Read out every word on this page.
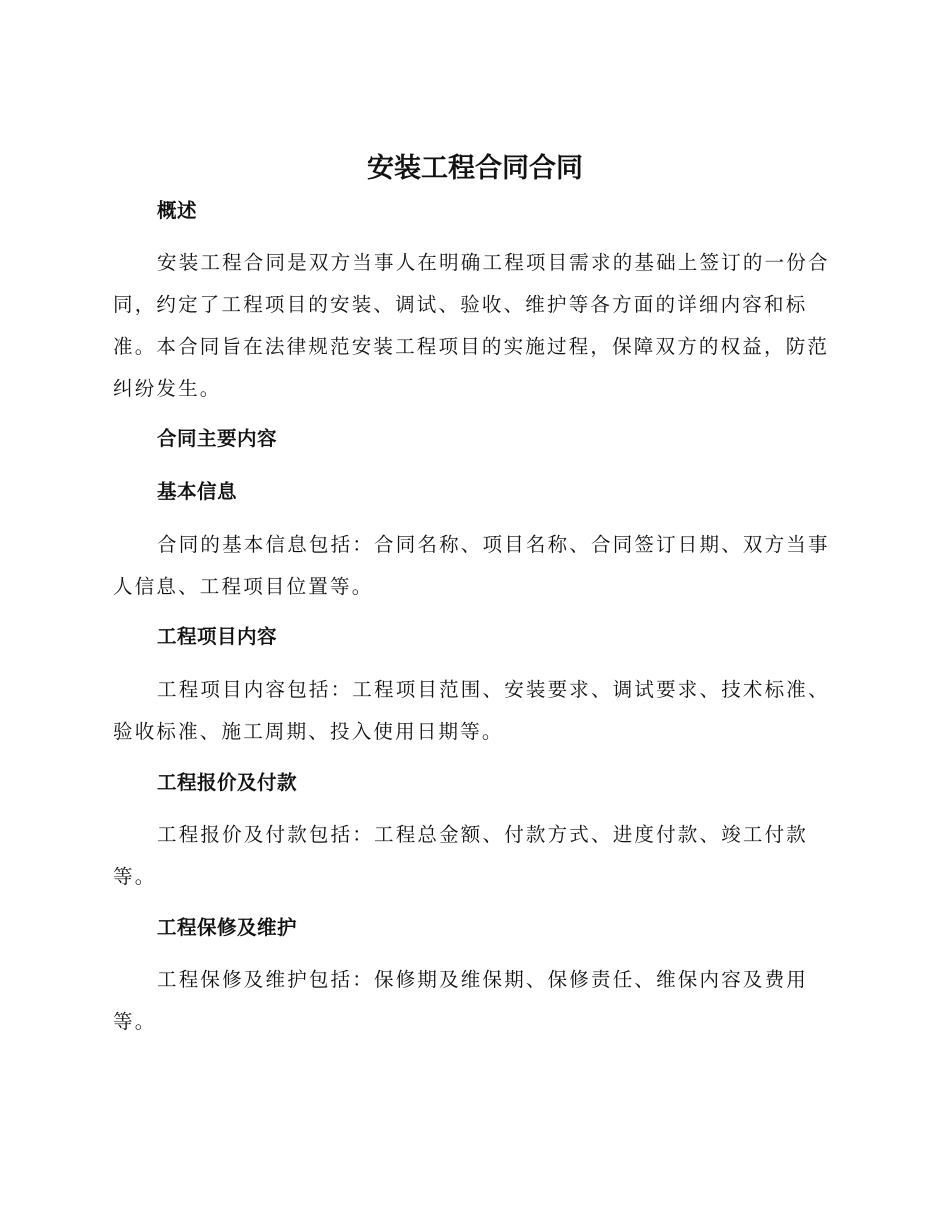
安装工程合同合同
概述

安装工程合同是双方当事人在明确工程项目需求的基础上签订的一份合
同，约定了工程项目的安装、调试、验收、维护等各方面的详细内容和标
准。本合同旨在法律规范安装工程项目的实施过程，保障双方的权益，防范
纠纷发生。

合同主要内容
基本信息

合同的基本信息包括：合同名称、项目名称、合同签订日期、双方当事
人信息、工程项目位置等。

工程项目内容

工程项目内容包括：工程项目范围、安装要求、调试要求、技术标准、
验收标准、施工周期、投入使用日期等。

工程报价及付款

工程报价及付款包括：工程总金额、付款方式、进度付款、竣工付款
等。

工程保修及维护

工程保修及维护包括：保修期及维保期、保修责任、维保内容及费用
等。
